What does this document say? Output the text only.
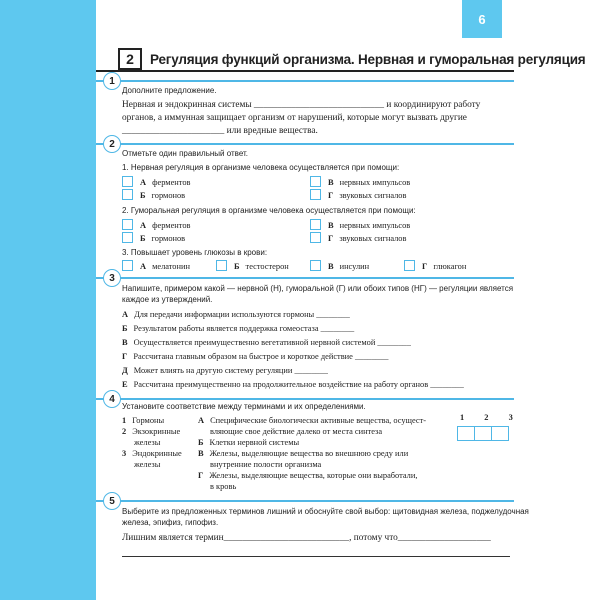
6
2	Регуляция функций организма. Нервная и гуморальная регуляция
1
Дополните предложение.
Нервная и эндокринная системы ____________________________ и координируют работу
органов, а иммунная защищает организм от нарушений, которые могут вызвать другие
______________________ или вредные вещества.
2
Отметьте один правильный ответ.
1. Нервная регуляция в организме человека осуществляется при помощи:
А ферментов	В нервных импульсов
Б гормонов	Г звуковых сигналов
2. Гуморальная регуляция в организме человека осуществляется при помощи:
А ферментов	В нервных импульсов
Б гормонов	Г звуковых сигналов
3. Повышает уровень глюкозы в крови:
А мелатонин	Б тестостерон	В инсулин	Г глюкагон
3
Напишите, примером какой — нервной (Н), гуморальной (Г) или обоих типов (НГ) — регуляции является
каждое из утверждений.
А Для передачи информации используются гормоны ________
Б Результатом работы является поддержка гомеостаза ________
В Осуществляется преимущественно вегетативной нервной системой ________
Г Рассчитана главным образом на быстрое и короткое действие ________
Д Может влиять на другую систему регуляции ________
Е Рассчитана преимущественно на продолжительное воздействие на работу органов ________
4
Установите соответствие между терминами и их определениями.
1 Гормоны
2 Экзокринные
железы
3 Эндокринные
железы
А Специфические биологически активные вещества, осущест-
вляющие свое действие далеко от места синтеза
Б Клетки нервной системы
В Железы, выделяющие вещества во внешнюю среду или
внутренние полости организма
Г Железы, выделяющие вещества, которые они выработали,
в кровь
1 2 3
5
Выберите из предложенных терминов лишний и обоснуйте свой выбор: щитовидная железа, поджелудочная
железа, эпифиз, гипофиз.
Лишним является термин___________________________, потому что____________________
